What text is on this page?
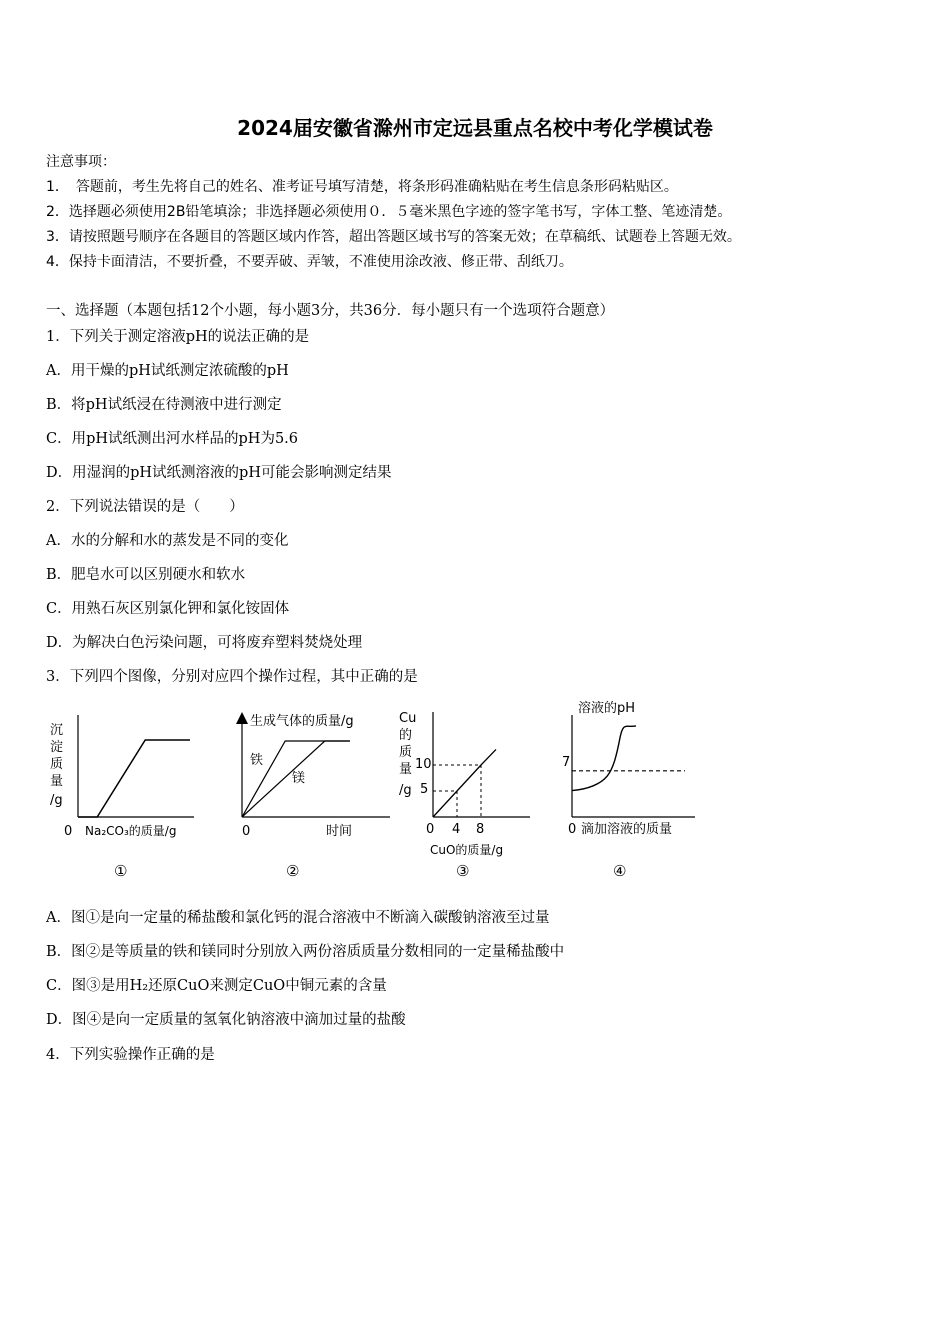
2024届安徽省滁州市定远县重点名校中考化学模试卷
注意事项：
1．　答题前，考生先将自己的姓名、准考证号填写清楚，将条形码准确粘贴在考生信息条形码粘贴区。
2．选择题必须使用2B铅笔填涂；非选择题必须使用０．５毫米黑色字迹的签字笔书写，字体工整、笔迹清楚。
3．请按照题号顺序在各题目的答题区域内作答，超出答题区域书写的答案无效；在草稿纸、试题卷上答题无效。
4．保持卡面清洁，不要折叠，不要弄破、弄皱，不准使用涂改液、修正带、刮纸刀。
一、选择题（本题包括12个小题，每小题3分，共36分．每小题只有一个选项符合题意）
1．下列关于测定溶液pH的说法正确的是
A．用干燥的pH试纸测定浓硫酸的pH
B．将pH试纸浸在待测液中进行测定
C．用pH试纸测出河水样品的pH为5.6
D．用湿润的pH试纸测溶液的pH可能会影响测定结果
2．下列说法错误的是（　　）
A．水的分解和水的蒸发是不同的变化
B．肥皂水可以区别硬水和软水
C．用熟石灰区别氯化钾和氯化铵固体
D．为解决白色污染问题，可将废弃塑料焚烧处理
3．下列四个图像，分别对应四个操作过程，其中正确的是
沉
淀
质
量
/g
0 Na₂CO₃的质量/g
①
生成气体的质量/g
铁
镁
0	时间
②
Cu
的
质
量
/g
0 4 8
5
10
CuO的质量/g
③
溶液的pH
7
0 滴加溶液的质量
④
A．图①是向一定量的稀盐酸和氯化钙的混合溶液中不断滴入碳酸钠溶液至过量
B．图②是等质量的铁和镁同时分别放入两份溶质质量分数相同的一定量稀盐酸中
C．图③是用H₂还原CuO来测定CuO中铜元素的含量
D．图④是向一定质量的氢氧化钠溶液中滴加过量的盐酸
4．下列实验操作正确的是
